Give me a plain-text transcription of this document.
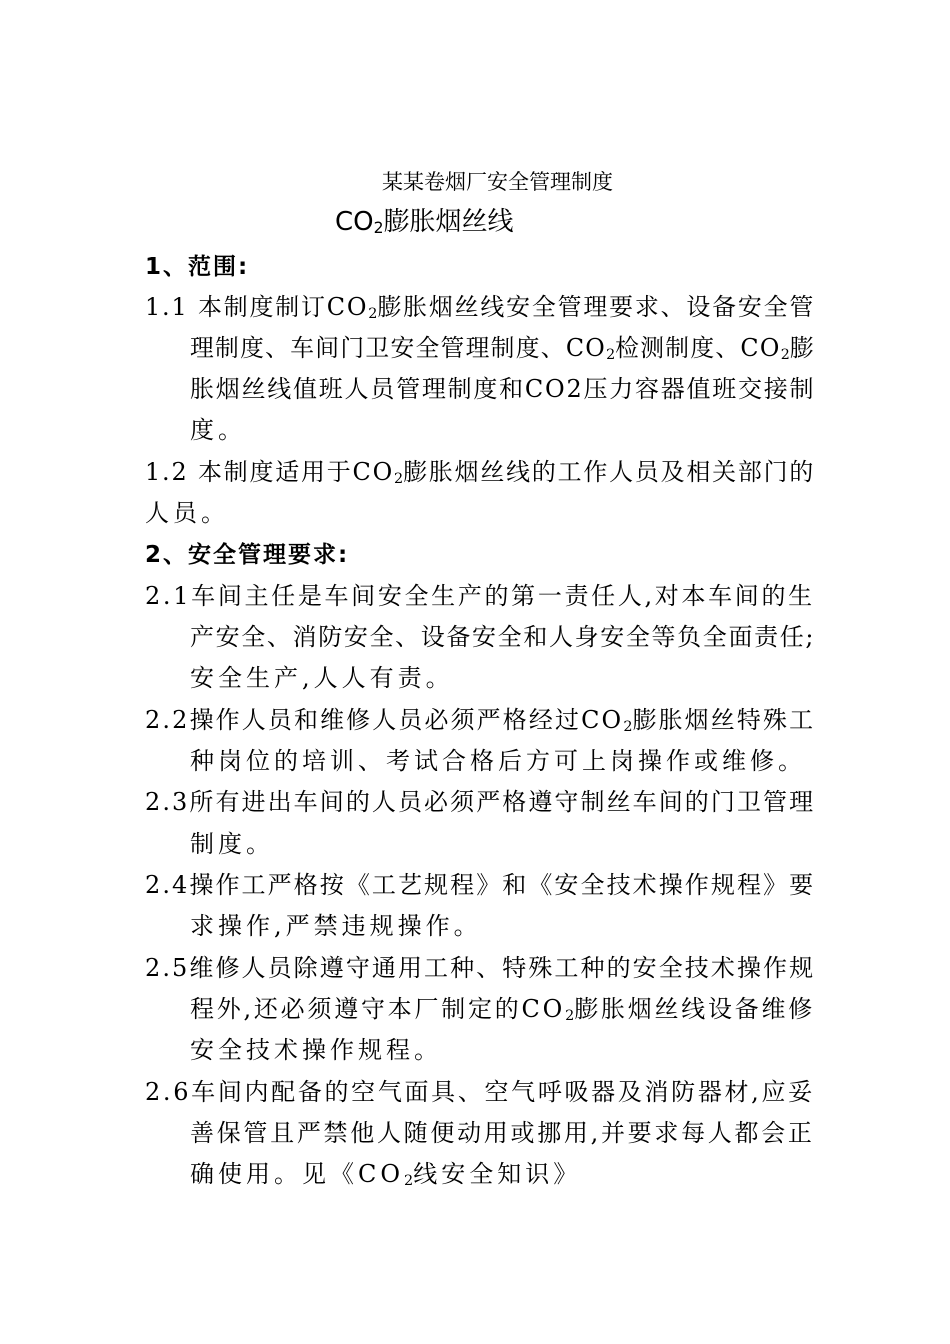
某某卷烟厂安全管理制度
$CO_2$膨胀烟丝线
1、范围:
1.1 本制度制订$CO_2$膨胀烟丝线安全管理要求、设备安全管
理制度、车间门卫安全管理制度、$CO_2$检测制度、$CO_2$膨
胀烟丝线值班人员管理制度和CO2压力容器值班交接制
度。
1.2 本制度适用于$CO_2$膨胀烟丝线的工作人员及相关部门的
人员。
2、安全管理要求:
2.1车间主任是车间安全生产的第一责任人,对本车间的生
产安全、消防安全、设备安全和人身安全等负全面责任;
安全生产,人人有责。
2.2操作人员和维修人员必须严格经过$CO_2$膨胀烟丝特殊工
种岗位的培训、考试合格后方可上岗操作或维修。
2.3所有进出车间的人员必须严格遵守制丝车间的门卫管理
制度。
2.4操作工严格按《工艺规程》和《安全技术操作规程》要
求操作,严禁违规操作。
2.5维修人员除遵守通用工种、特殊工种的安全技术操作规
程外,还必须遵守本厂制定的$CO_2$膨胀烟丝线设备维修
安全技术操作规程。
2.6车间内配备的空气面具、空气呼吸器及消防器材,应妥
善保管且严禁他人随便动用或挪用,并要求每人都会正
确使用。见《$CO_2$线安全知识》
